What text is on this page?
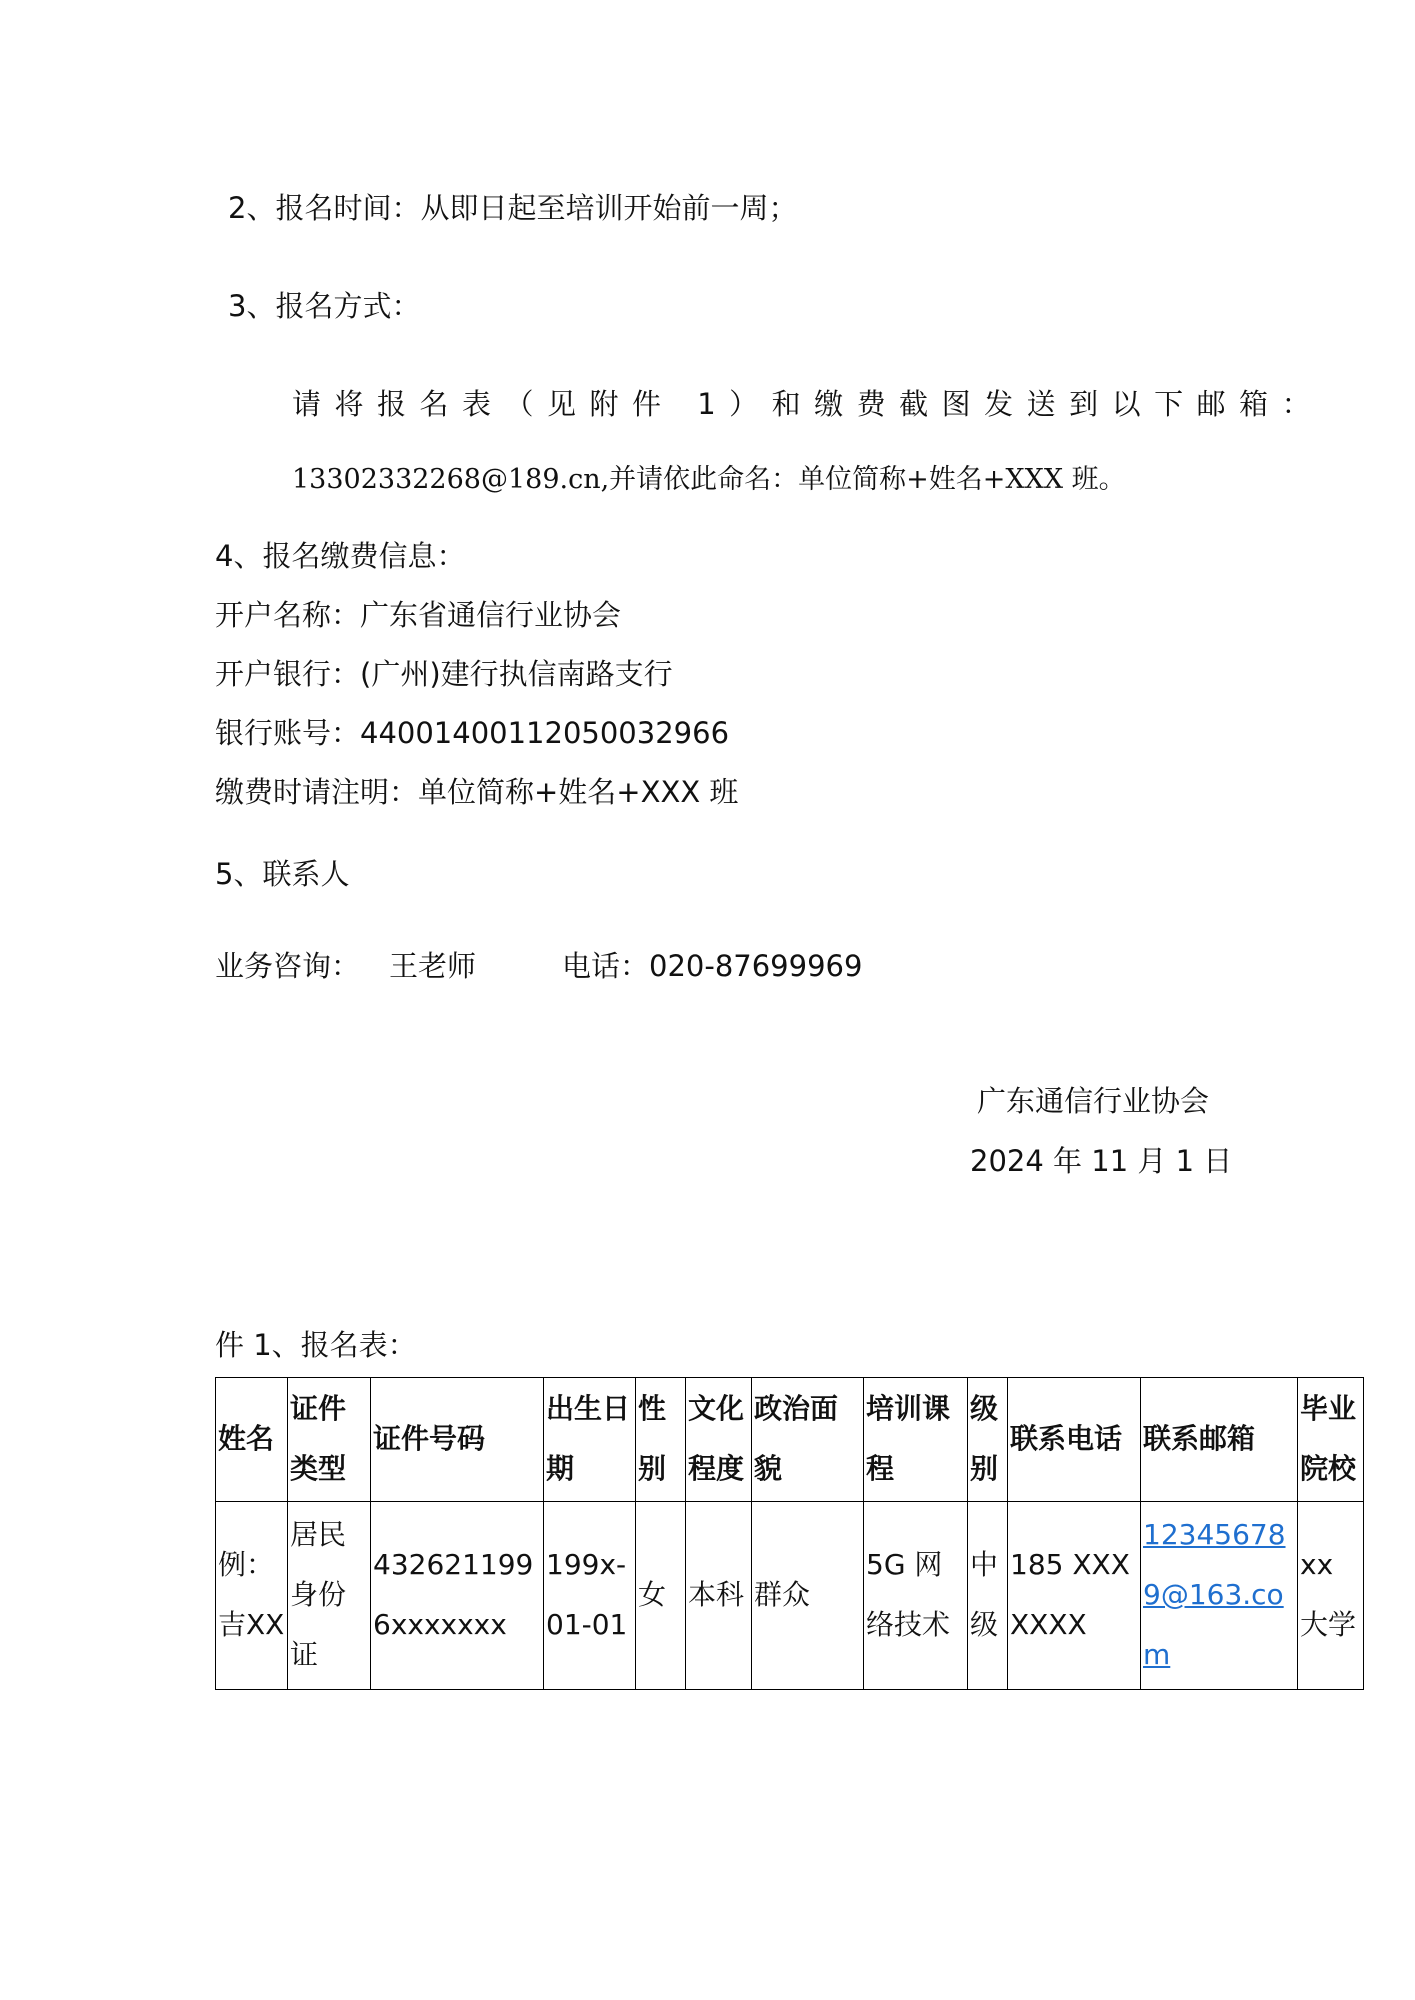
2、报名时间：从即日起至培训开始前一周；
3、报名方式：
请将报名表（见附件 1）和缴费截图发送到以下邮箱：
13302332268@189.cn,并请依此命名：单位简称+姓名+XXX 班。
4、报名缴费信息：
开户名称：广东省通信行业协会
开户银行：(广州)建行执信南路支行
银行账号：44001400112050032966
缴费时请注明：单位简称+姓名+XXX 班
5、联系人
业务咨询： 王老师	电话：020-87699969
广东通信行业协会
2024 年 11 月 1 日
件 1、报名表：
姓名	证件类型	证件号码	出生日期	性别	文化程度	政治面貌	培训课程	级别	联系电话	联系邮箱	毕业院校
例：吉XX	居民身份证	4326211996xxxxxxx	199x-01-01	女	本科	群众	5G 网络技术	中级	185 XXXXXXX	123456789@163.com	xx大学
